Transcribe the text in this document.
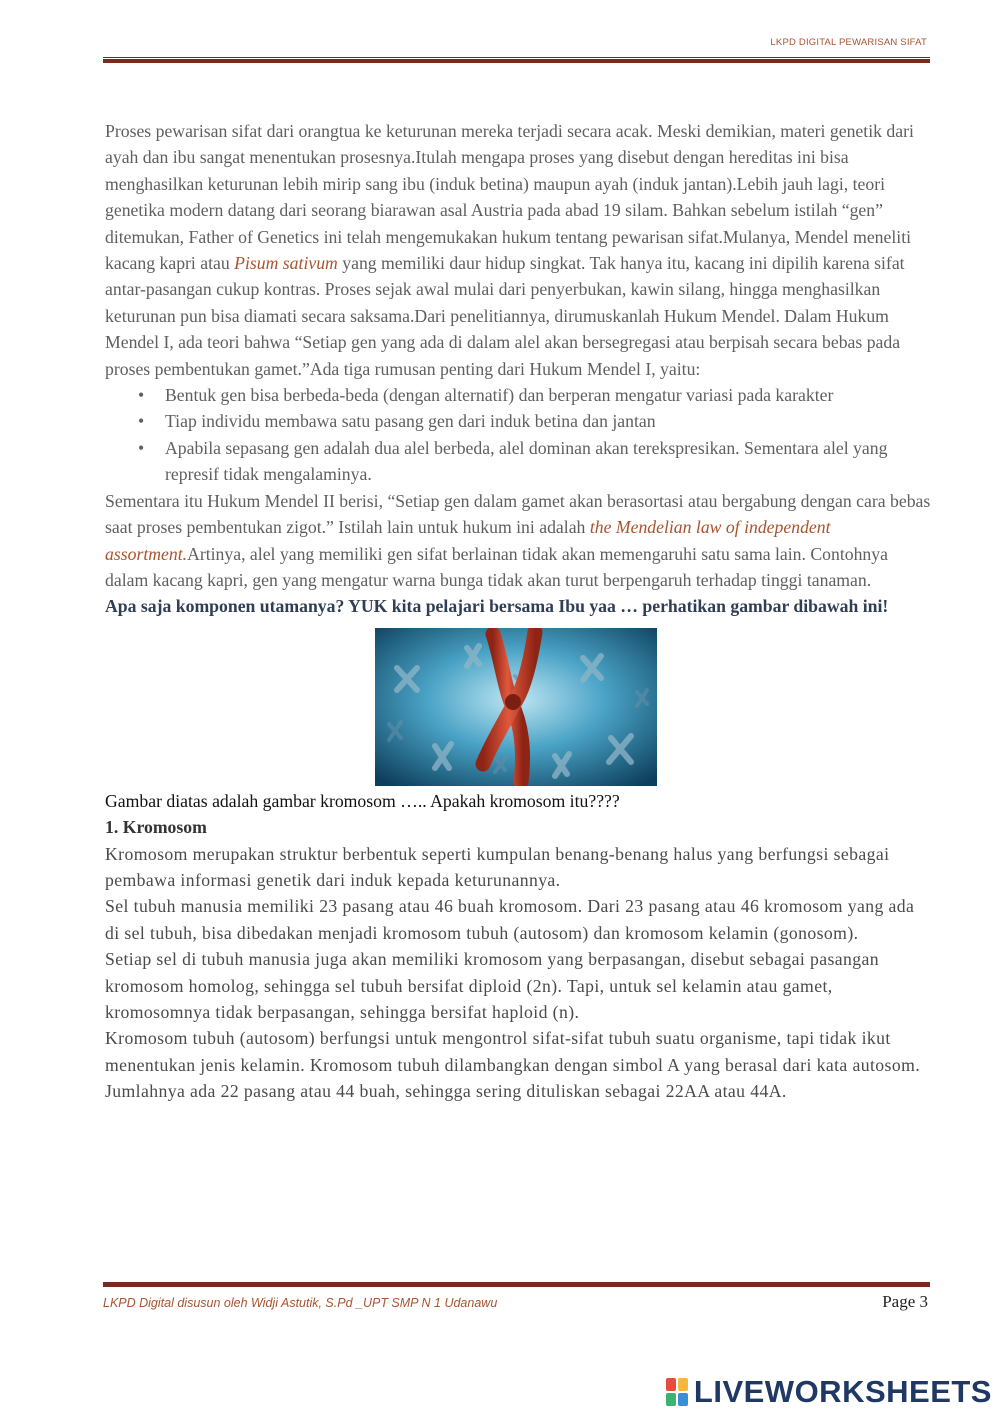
LKPD DIGITAL PEWARISAN SIFAT

Proses pewarisan sifat dari orangtua ke keturunan mereka terjadi secara acak. Meski demikian, materi genetik dari ayah dan ibu sangat menentukan prosesnya.Itulah mengapa proses yang disebut dengan hereditas ini bisa menghasilkan keturunan lebih mirip sang ibu (induk betina) maupun ayah (induk jantan).Lebih jauh lagi, teori genetika modern datang dari seorang biarawan asal Austria pada abad 19 silam. Bahkan sebelum istilah “gen” ditemukan, Father of Genetics ini telah mengemukakan hukum tentang pewarisan sifat.Mulanya, Mendel meneliti kacang kapri atau Pisum sativum yang memiliki daur hidup singkat. Tak hanya itu, kacang ini dipilih karena sifat antar-pasangan cukup kontras. Proses sejak awal mulai dari penyerbukan, kawin silang, hingga menghasilkan keturunan pun bisa diamati secara saksama.Dari penelitiannya, dirumuskanlah Hukum Mendel. Dalam Hukum Mendel I, ada teori bahwa “Setiap gen yang ada di dalam alel akan bersegregasi atau berpisah secara bebas pada proses pembentukan gamet.”Ada tiga rumusan penting dari Hukum Mendel I, yaitu:

• Bentuk gen bisa berbeda-beda (dengan alternatif) dan berperan mengatur variasi pada karakter
• Tiap individu membawa satu pasang gen dari induk betina dan jantan
• Apabila sepasang gen adalah dua alel berbeda, alel dominan akan terekspresikan. Sementara alel yang represif tidak mengalaminya.

Sementara itu Hukum Mendel II berisi, “Setiap gen dalam gamet akan berasortasi atau bergabung dengan cara bebas saat proses pembentukan zigot.” Istilah lain untuk hukum ini adalah the Mendelian law of independent assortment.Artinya, alel yang memiliki gen sifat berlainan tidak akan memengaruhi satu sama lain. Contohnya dalam kacang kapri, gen yang mengatur warna bunga tidak akan turut berpengaruh terhadap tinggi tanaman.

Apa saja komponen utamanya? YUK kita pelajari bersama Ibu yaa … perhatikan gambar dibawah ini!

Gambar diatas adalah gambar kromosom ….. Apakah kromosom itu????

1. Kromosom

Kromosom merupakan struktur berbentuk seperti kumpulan benang-benang halus yang berfungsi sebagai pembawa informasi genetik dari induk kepada keturunannya.

Sel tubuh manusia memiliki 23 pasang atau 46 buah kromosom. Dari 23 pasang atau 46 kromosom yang ada di sel tubuh, bisa dibedakan menjadi kromosom tubuh (autosom) dan kromosom kelamin (gonosom).

Setiap sel di tubuh manusia juga akan memiliki kromosom yang berpasangan, disebut sebagai pasangan kromosom homolog, sehingga sel tubuh bersifat diploid (2n). Tapi, untuk sel kelamin atau gamet, kromosomnya tidak berpasangan, sehingga bersifat haploid (n).

Kromosom tubuh (autosom) berfungsi untuk mengontrol sifat-sifat tubuh suatu organisme, tapi tidak ikut menentukan jenis kelamin. Kromosom tubuh dilambangkan dengan simbol A yang berasal dari kata autosom. Jumlahnya ada 22 pasang atau 44 buah, sehingga sering dituliskan sebagai 22AA atau 44A.

LKPD Digital disusun oleh Widji Astutik, S.Pd _UPT SMP N 1 Udanawu	Page 3
LIVEWORKSHEETS
